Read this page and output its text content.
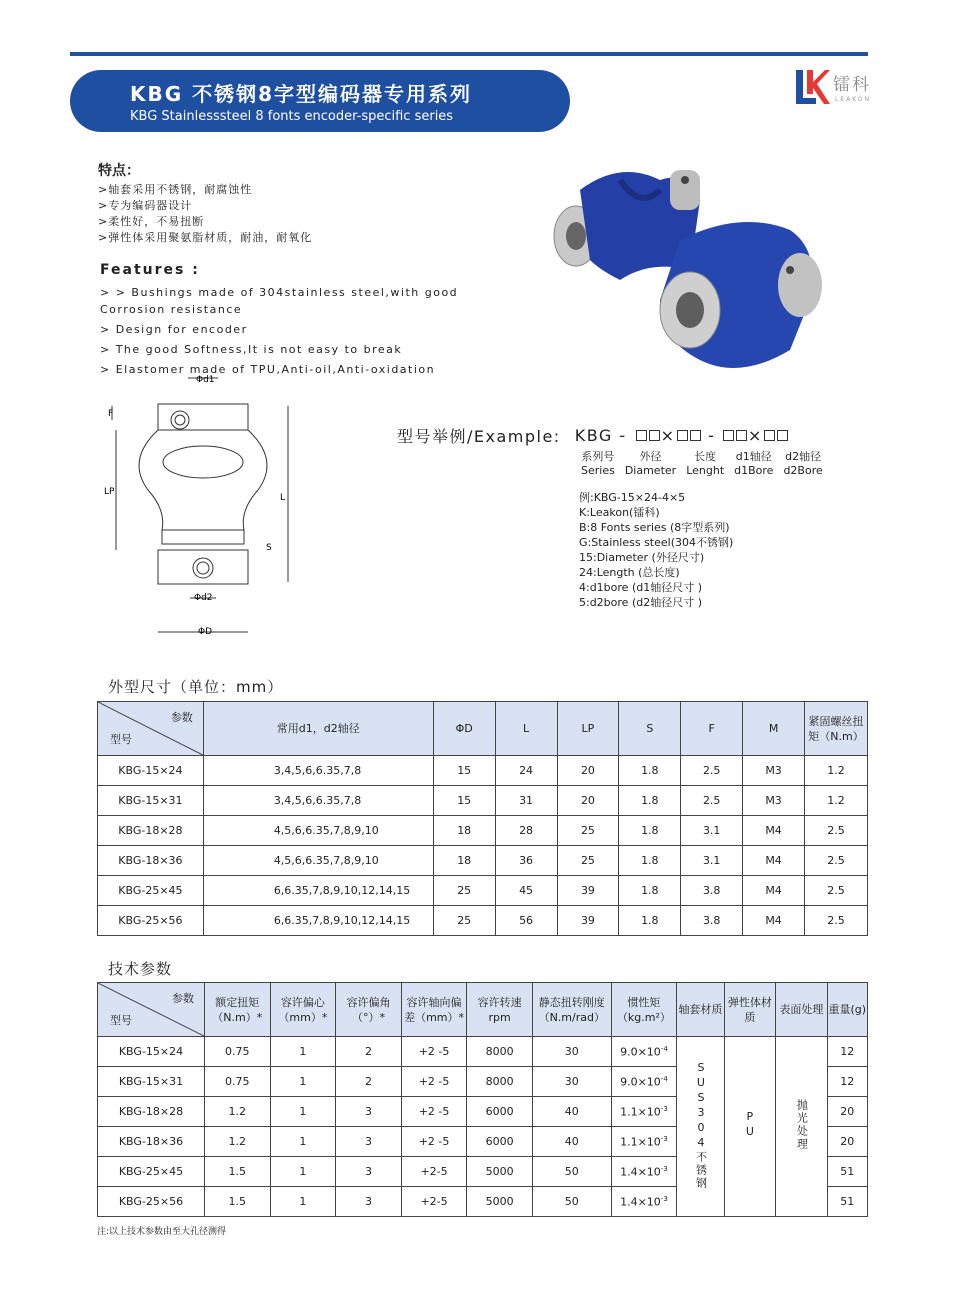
KBG 不锈钢8字型编码器专用系列
KBG Stainlesssteel 8 fonts encoder-specific series
镭科
LEAKON
特点：
>轴套采用不锈钢，耐腐蚀性
>专为编码器设计
>柔性好，不易扭断
>弹性体采用聚氨脂材质，耐油，耐氧化
Features :
> > Bushings made of 304stainless steel,with good Corrosion resistance
> Design for encoder
> The good Softness,It is not easy to break
> Elastomer made of TPU,Anti-oil,Anti-oxidation
Φd1
F
LP
L
S
Φd2
ΦD
型号举例/Example: KBG -	× - ×
系列号
Series
外径
Diameter
长度
Lenght
d1轴径
d1Bore
d2轴径
d2Bore
例:KBG-15×24-4×5
K:Leakon(镭科)
B:8 Fonts series (8字型系列)
G:Stainless steel(304不锈钢)
15:Diameter (外径尺寸)
24:Length (总长度)
4:d1bore (d1轴径尺寸 )
5:d2bore (d2轴径尺寸 )
外型尺寸（单位：mm）
参数
型号	常用d1，d2轴径	ΦD	L	LP	S	F	M	紧固螺丝扭矩（N.m）
KBG-15×24	3,4,5,6,6.35,7,8	15	24	20	1.8	2.5	M3	1.2
KBG-15×31	3,4,5,6,6.35,7,8	15	31	20	1.8	2.5	M3	1.2
KBG-18×28	4,5,6,6.35,7,8,9,10	18	28	25	1.8	3.1	M4	2.5
KBG-18×36	4,5,6,6.35,7,8,9,10	18	36	25	1.8	3.1	M4	2.5
KBG-25×45	6,6.35,7,8,9,10,12,14,15	25	45	39	1.8	3.8	M4	2.5
KBG-25×56	6,6.35,7,8,9,10,12,14,15	25	56	39	1.8	3.8	M4	2.5
技术参数
参数
型号	额定扭矩（N.m）*	容许偏心（mm）*	容许偏角（°）*	容许轴向偏差（mm）*	容许转速rpm	静态扭转刚度（N.m/rad）	惯性矩（kg.m²）	轴套材质	弹性体材质	表面处理	重量(g)
KBG-15×24	0.75	1	2	+2 -5	8000	30	$9.0\times 10^{-4}$	SUS304不锈钢	PU	抛光处理	12
KBG-15×31	0.75	1	2	+2 -5	8000	30	$9.0\times 10^{-4}$				12
KBG-18×28	1.2	1	3	+2 -5	6000	40	$1.1\times 10^{-3}$				20
KBG-18×36	1.2	1	3	+2 -5	6000	40	$1.1\times 10^{-3}$				20
KBG-25×45	1.5	1	3	+2-5	5000	50	$1.4\times 10^{-3}$				51
KBG-25×56	1.5	1	3	+2-5	5000	50	$1.4\times 10^{-3}$				51
注:以上技术参数由至大孔径测得
